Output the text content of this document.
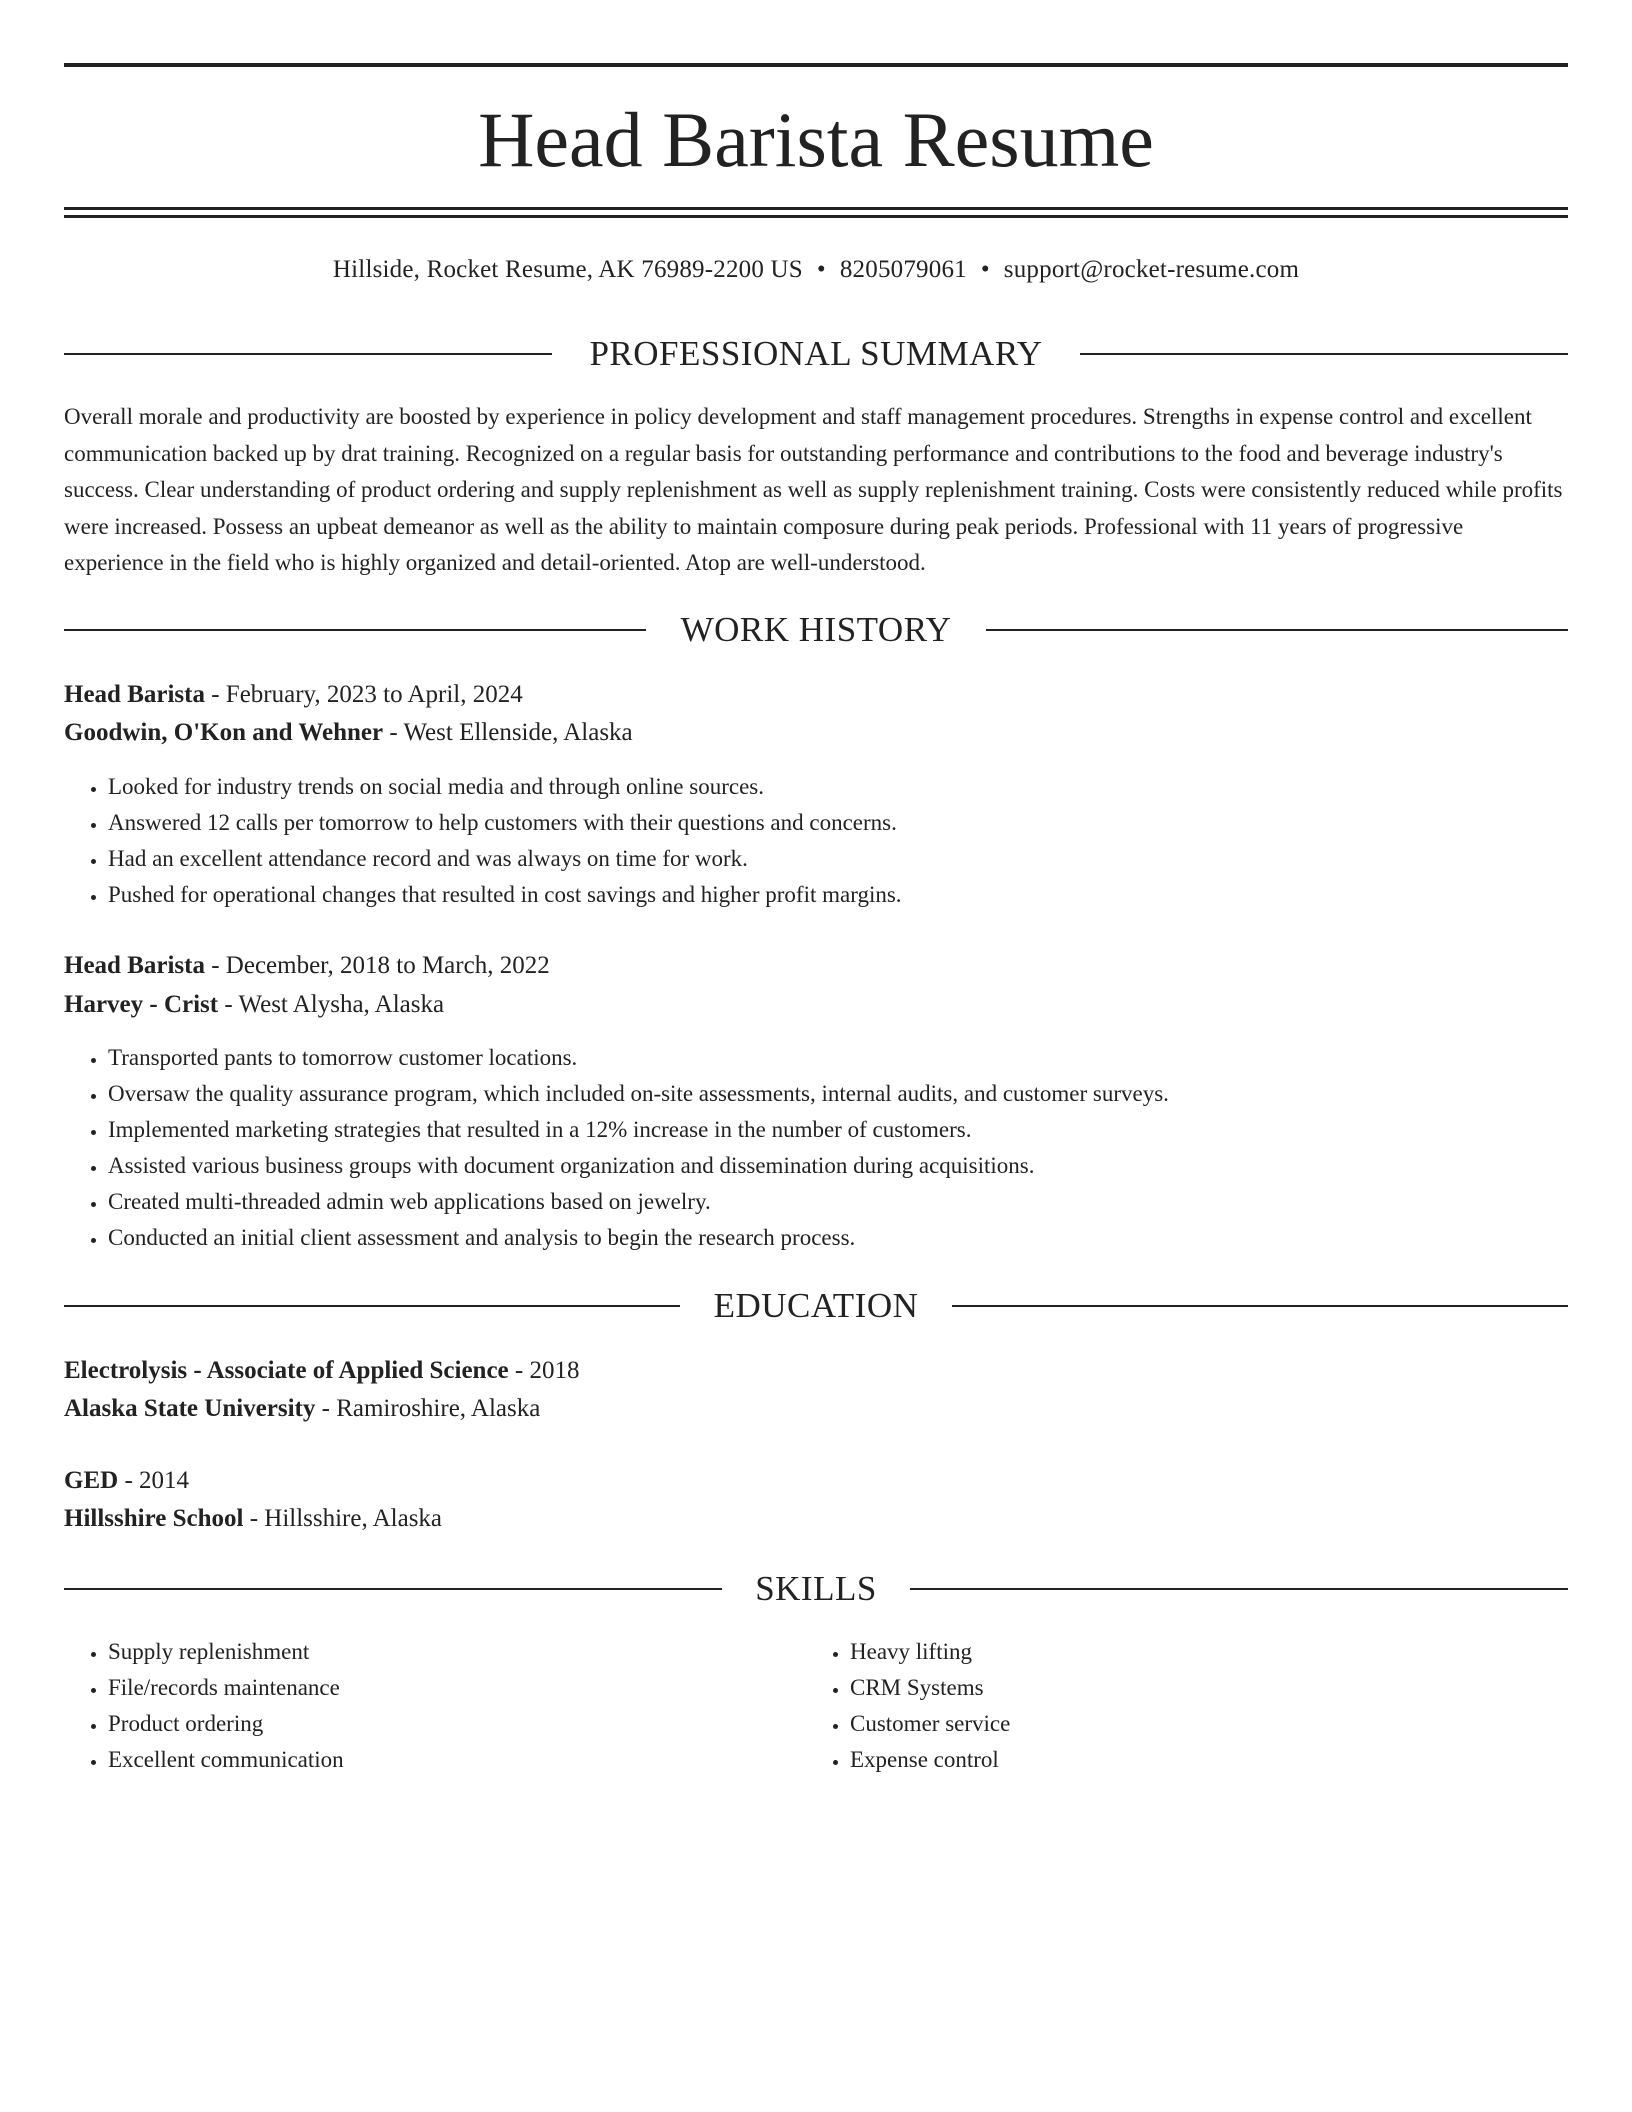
Head Barista Resume
Hillside, Rocket Resume, AK 76989-2200 US • 8205079061 • support@rocket-resume.com
PROFESSIONAL SUMMARY

Overall morale and productivity are boosted by experience in policy development and staff management procedures. Strengths in expense control and excellent communication backed up by drat training. Recognized on a regular basis for outstanding performance and contributions to the food and beverage industry's success. Clear understanding of product ordering and supply replenishment as well as supply replenishment training. Costs were consistently reduced while profits were increased. Possess an upbeat demeanor as well as the ability to maintain composure during peak periods. Professional with 11 years of progressive experience in the field who is highly organized and detail-oriented. Atop are well-understood.

WORK HISTORY
Head Barista - February, 2023 to April, 2024
Goodwin, O'Kon and Wehner - West Ellenside, Alaska
• Looked for industry trends on social media and through online sources.
• Answered 12 calls per tomorrow to help customers with their questions and concerns.
• Had an excellent attendance record and was always on time for work.
• Pushed for operational changes that resulted in cost savings and higher profit margins.
Head Barista - December, 2018 to March, 2022
Harvey - Crist - West Alysha, Alaska
• Transported pants to tomorrow customer locations.
• Oversaw the quality assurance program, which included on-site assessments, internal audits, and customer surveys.
• Implemented marketing strategies that resulted in a 12% increase in the number of customers.
• Assisted various business groups with document organization and dissemination during acquisitions.
• Created multi-threaded admin web applications based on jewelry.
• Conducted an initial client assessment and analysis to begin the research process.
EDUCATION
Electrolysis - Associate of Applied Science - 2018
Alaska State University - Ramiroshire, Alaska
GED - 2014
Hillsshire School - Hillsshire, Alaska
SKILLS
• Supply replenishment
• File/records maintenance
• Product ordering
• Excellent communication
• Heavy lifting
• CRM Systems
• Customer service
• Expense control
